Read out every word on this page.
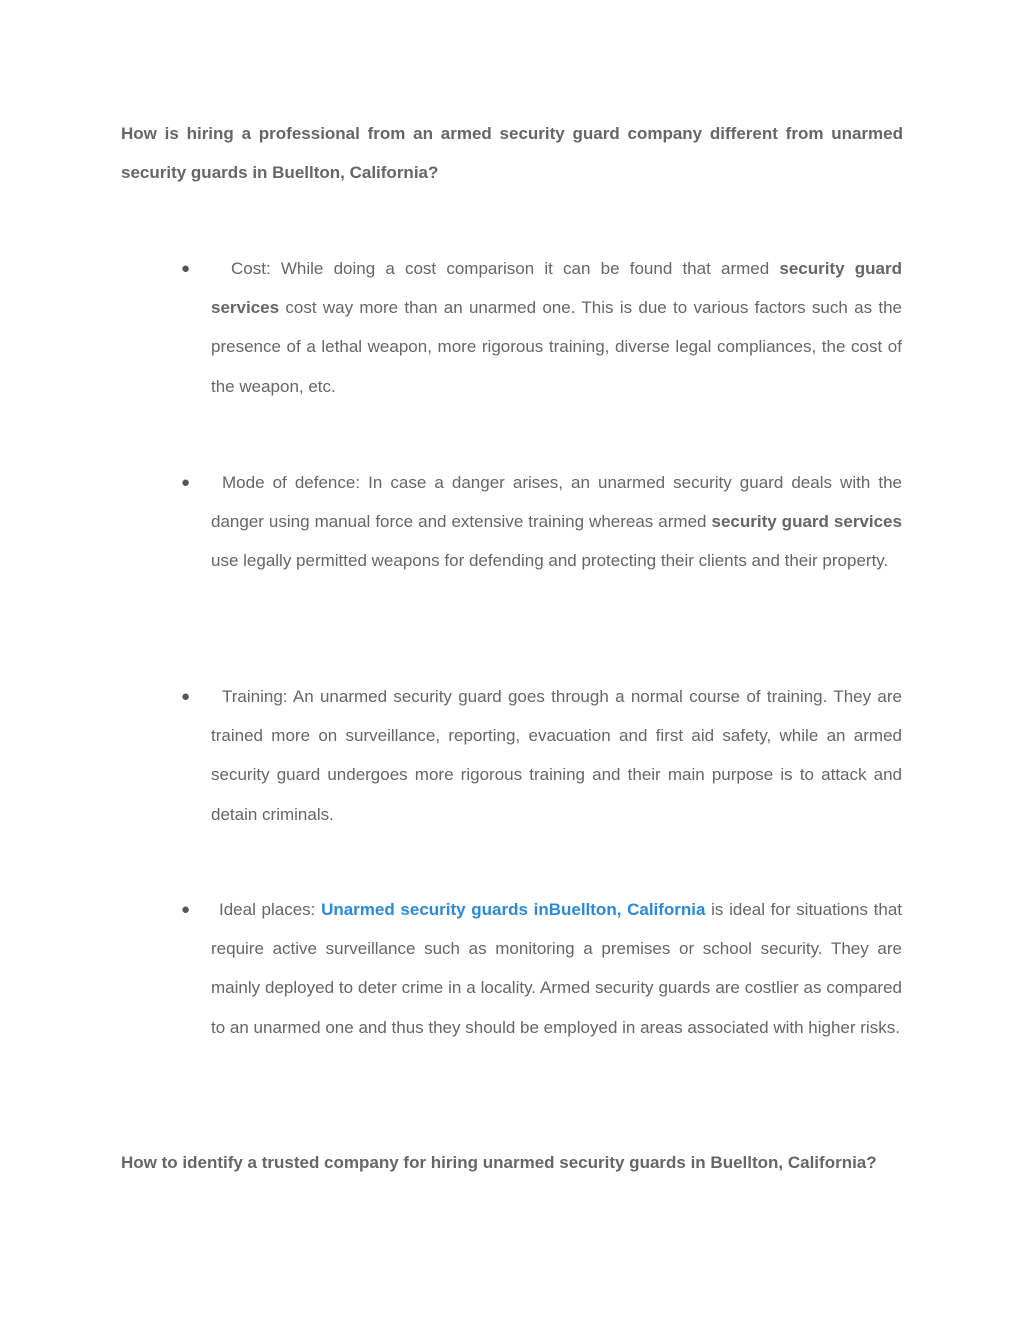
How is hiring a professional from an armed security guard company different from unarmed security guards in Buellton, California?
●	Cost: While doing a cost comparison it can be found that armed security guard services cost way more than an unarmed one. This is due to various factors such as the presence of a lethal weapon, more rigorous training, diverse legal compliances, the cost of the weapon, etc.

●	Mode of defence: In case a danger arises, an unarmed security guard deals with the danger using manual force and extensive training whereas armed security guard services use legally permitted weapons for defending and protecting their clients and their property.

●	Training: An unarmed security guard goes through a normal course of training. They are trained more on surveillance, reporting, evacuation and first aid safety, while an armed security guard undergoes more rigorous training and their main purpose is to attack and detain criminals.

●	Ideal places: Unarmed security guards inBuellton, California is ideal for situations that require active surveillance such as monitoring a premises or school security. They are mainly deployed to deter crime in a locality. Armed security guards are costlier as compared to an unarmed one and thus they should be employed in areas associated with higher risks.

How to identify a trusted company for hiring unarmed security guards in Buellton, California?
